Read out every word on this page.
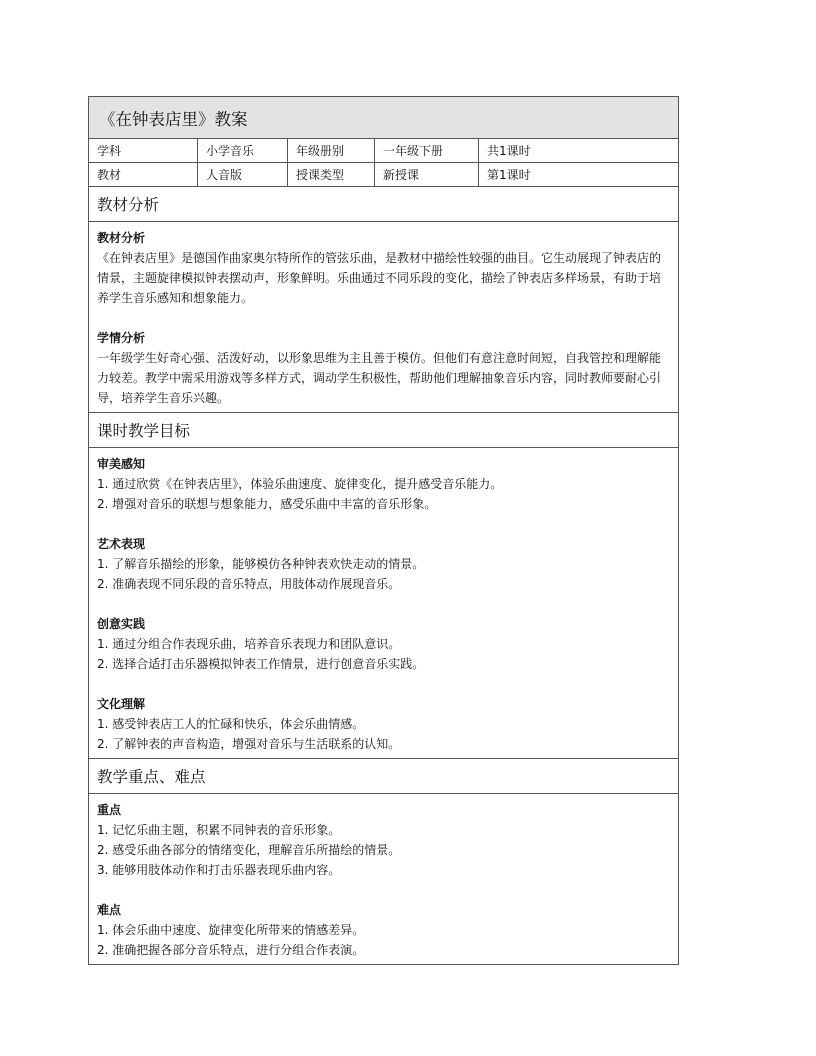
《在钟表店里》教案
学科	小学音乐	年级册别	一年级下册	共1课时
教材	人音版	授课类型	新授课	第1课时
教材分析

教材分析

《在钟表店里》是德国作曲家奥尔特所作的管弦乐曲，是教材中描绘性较强的曲目。它生动展现了钟表店的情景，主题旋律模拟钟表摆动声，形象鲜明。乐曲通过不同乐段的变化，描绘了钟表店多样场景，有助于培养学生音乐感知和想象能力。

学情分析

一年级学生好奇心强、活泼好动，以形象思维为主且善于模仿。但他们有意注意时间短，自我管控和理解能力较差。教学中需采用游戏等多样方式，调动学生积极性，帮助他们理解抽象音乐内容，同时教师要耐心引导，培养学生音乐兴趣。

课时教学目标

审美感知

1. 通过欣赏《在钟表店里》，体验乐曲速度、旋律变化，提升感受音乐能力。

2. 增强对音乐的联想与想象能力，感受乐曲中丰富的音乐形象。

艺术表现

1. 了解音乐描绘的形象，能够模仿各种钟表欢快走动的情景。

2. 准确表现不同乐段的音乐特点，用肢体动作展现音乐。

创意实践

1. 通过分组合作表现乐曲，培养音乐表现力和团队意识。

2. 选择合适打击乐器模拟钟表工作情景，进行创意音乐实践。

文化理解

1. 感受钟表店工人的忙碌和快乐，体会乐曲情感。

2. 了解钟表的声音构造，增强对音乐与生活联系的认知。

教学重点、难点

重点

1. 记忆乐曲主题，积累不同钟表的音乐形象。

2. 感受乐曲各部分的情绪变化，理解音乐所描绘的情景。

3. 能够用肢体动作和打击乐器表现乐曲内容。

难点

1. 体会乐曲中速度、旋律变化所带来的情感差异。

2. 准确把握各部分音乐特点，进行分组合作表演。
